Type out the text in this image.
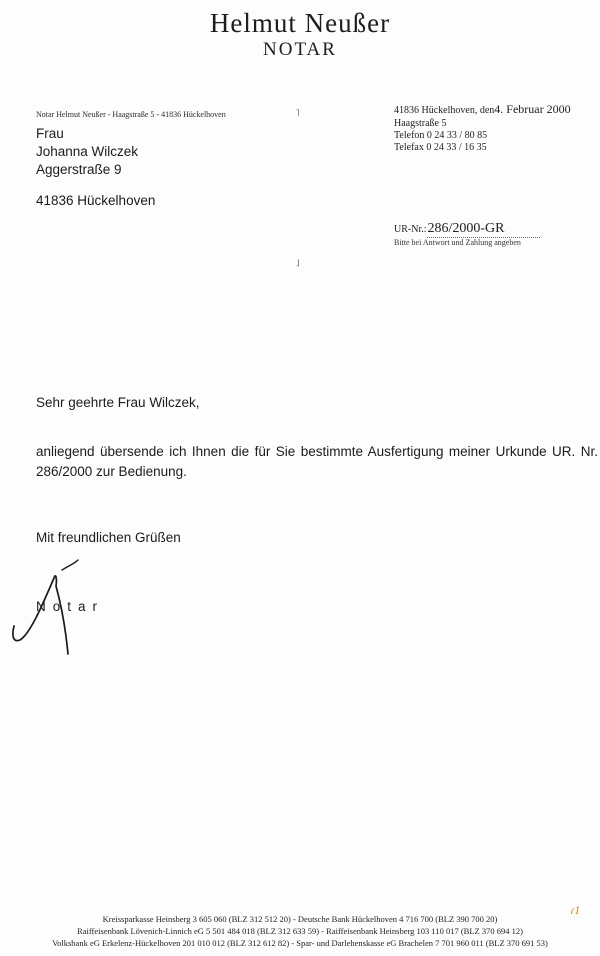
Helmut Neußer
NOTAR
Notar Helmut Neußer - Haagstraße 5 - 41836 Hückelhoven	˥
˩
Frau
Johanna Wilczek
Aggerstraße 9
41836 Hückelhoven
41836 Hückelhoven, den4. Februar 2000
Haagstraße 5
Telefon 0 24 33 / 80 85
Telefax 0 24 33 / 16 35
UR-Nr.:286/2000-GR
Bitte bei Antwort und Zahlung angeben
Sehr geehrte Frau Wilczek,
anliegend übersende ich Ihnen die für Sie bestimmte Ausfertigung meiner Urkunde UR. Nr. 286/2000 zur Bedienung.
Mit freundlichen Grüßen
Notar
Kreissparkasse Heinsberg 3 605 060 (BLZ 312 512 20) - Deutsche Bank Hückelhoven 4 716 700 (BLZ 390 700 20)
Raiffeisenbank Lövenich-Linnich eG 5 501 484 018 (BLZ 312 633 59) - Raiffeisenbank Heinsberg 103 110 017 (BLZ 370 694 12)
Volksbank eG Erkelenz-Hückelhoven 201 010 012 (BLZ 312 612 82) - Spar- und Darlehenskasse eG Brachelen 7 701 960 011 (BLZ 370 691 53)
ɾ1
